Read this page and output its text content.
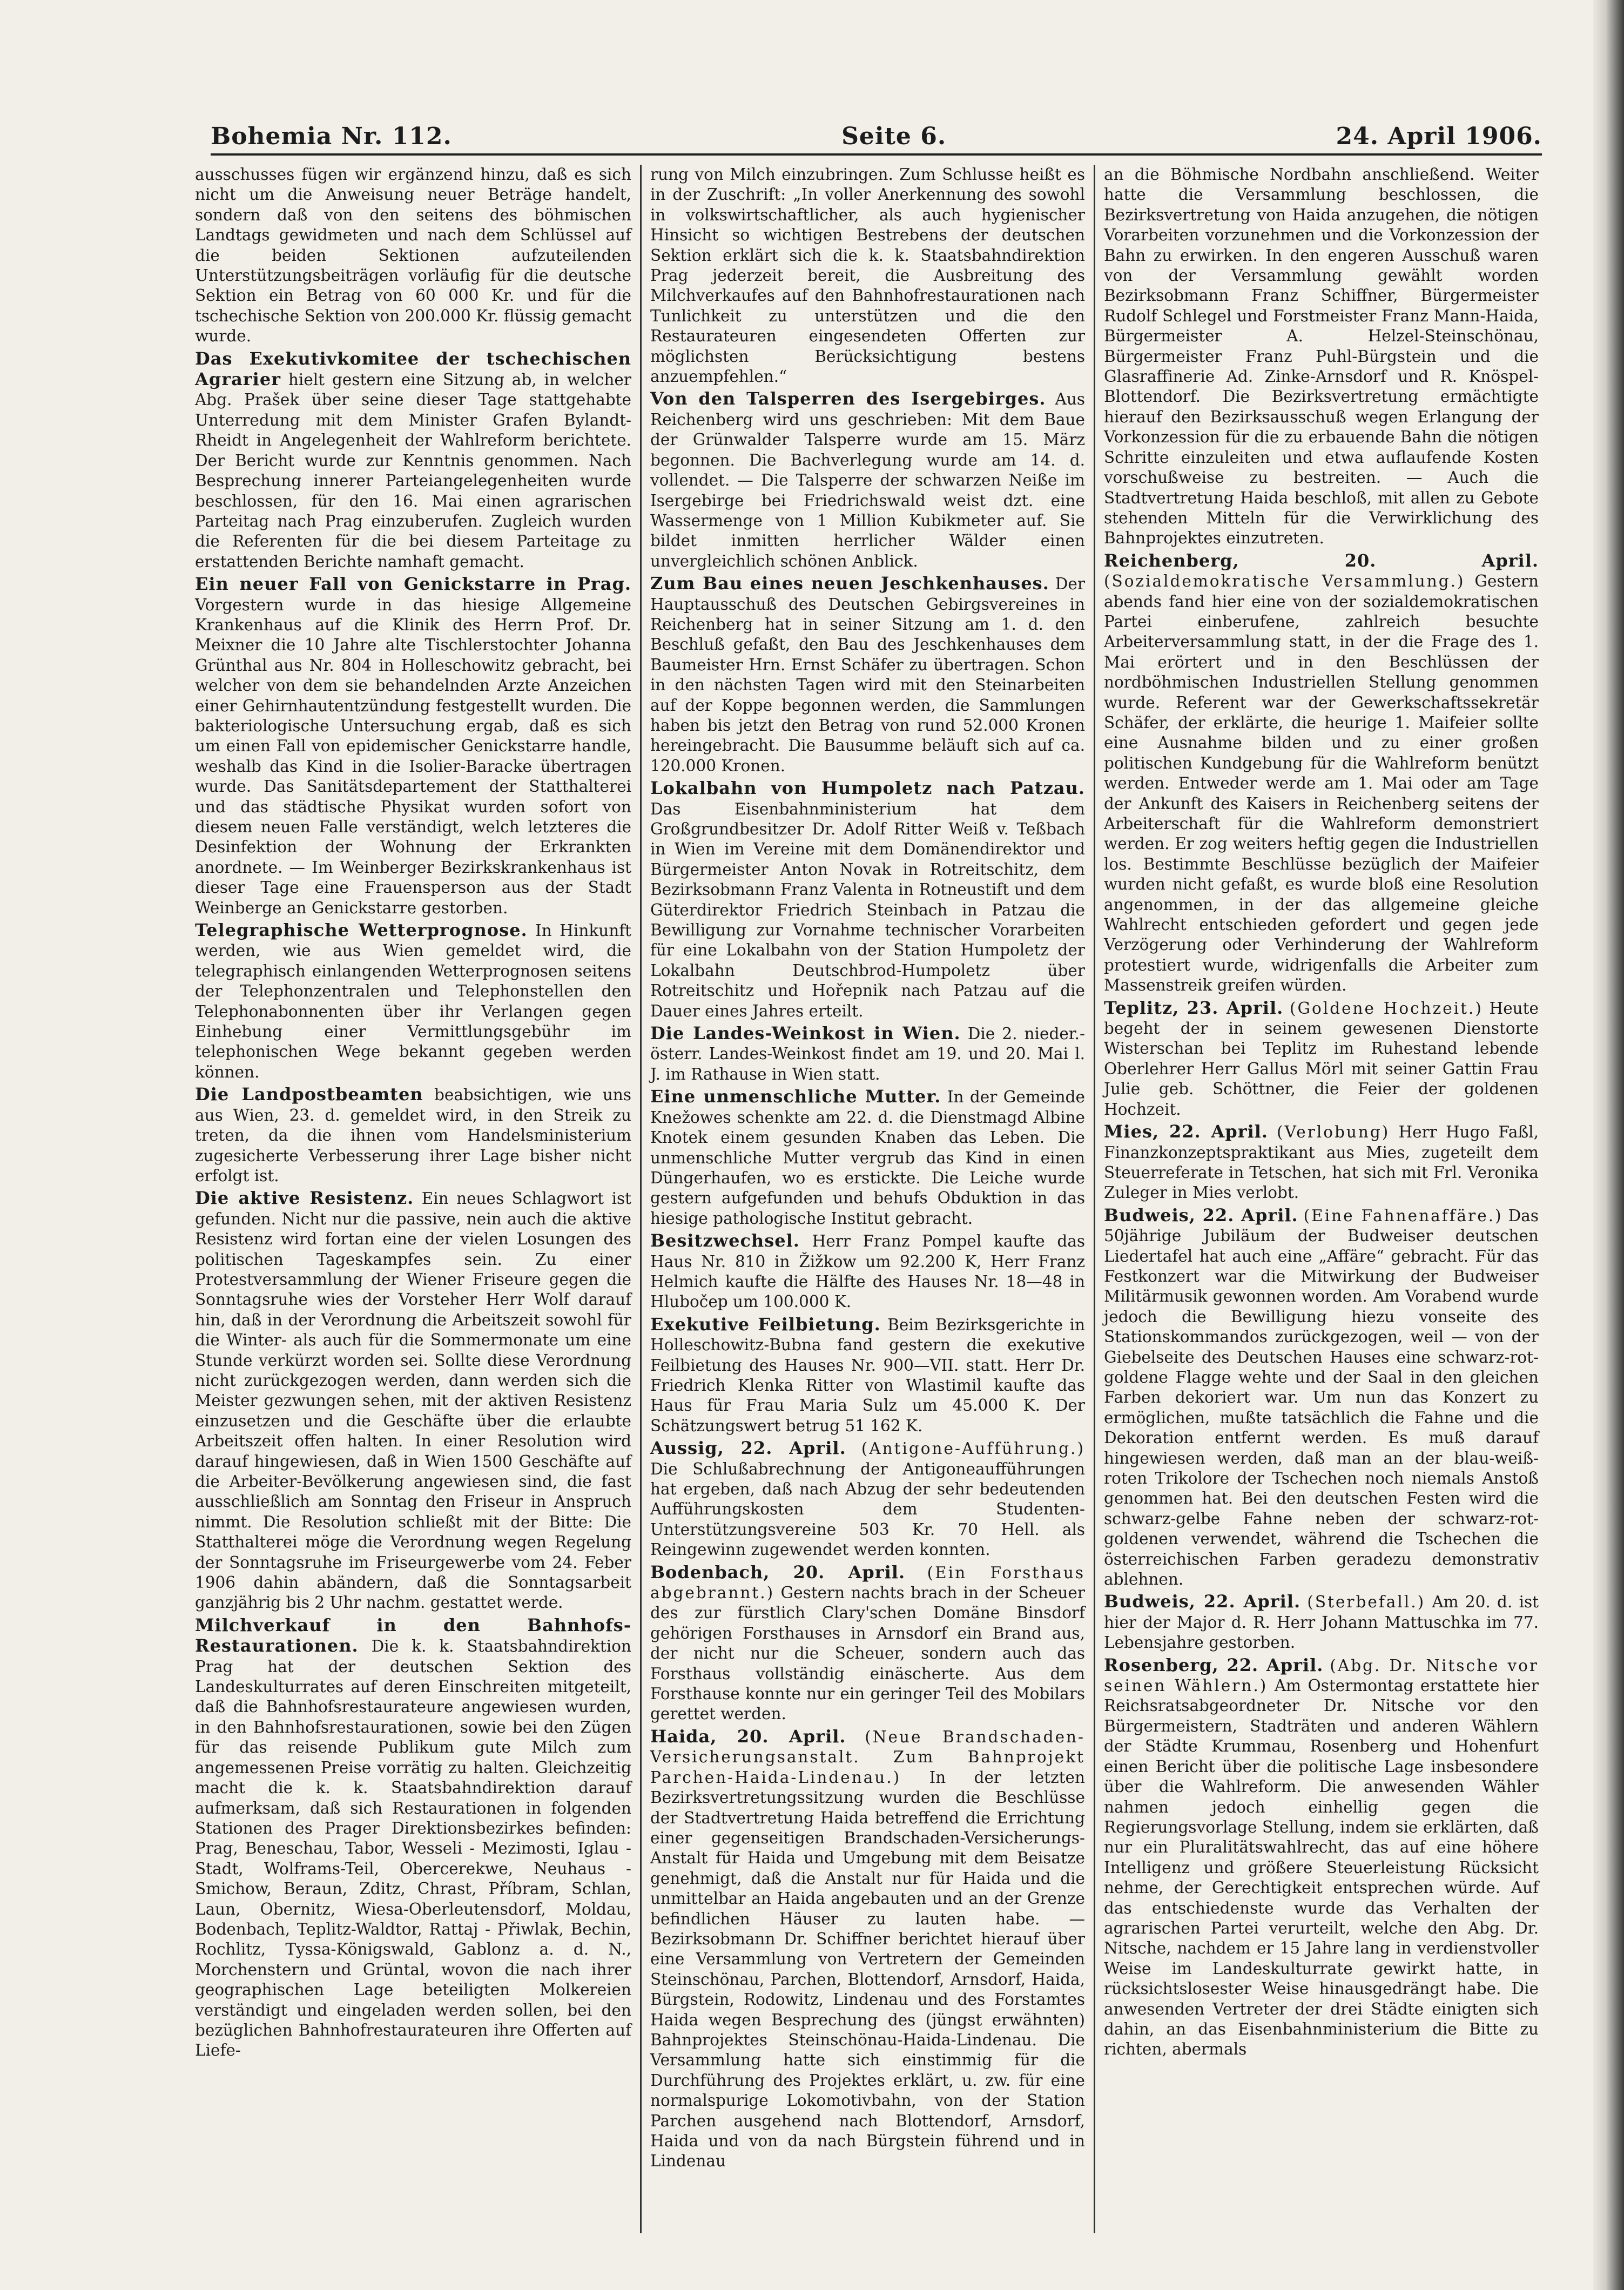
Bohemia Nr. 112.	Seite 6.	24. April 1906.

ausschusses fügen wir ergänzend hinzu, daß es sich nicht um die Anweisung neuer Beträge handelt, sondern daß von den seitens des böhmischen Landtags gewidmeten und nach dem Schlüssel auf die beiden Sektionen aufzuteilenden Unterstützungsbeiträgen vorläufig für die deutsche Sektion ein Betrag von 60 000 Kr. und für die tschechische Sektion von 200.000 Kr. flüssig gemacht wurde.

Das Exekutivkomitee der tschechischen Agrarier hielt gestern eine Sitzung ab, in welcher Abg. Prašek über seine dieser Tage stattgehabte Unterredung mit dem Minister Grafen Bylandt-Rheidt in Angelegenheit der Wahlreform berichtete. Der Bericht wurde zur Kenntnis genommen. Nach Besprechung innerer Parteiangelegenheiten wurde beschlossen, für den 16. Mai einen agrarischen Parteitag nach Prag einzuberufen. Zugleich wurden die Referenten für die bei diesem Parteitage zu erstattenden Berichte namhaft gemacht.

Ein neuer Fall von Genickstarre in Prag. Vorgestern wurde in das hiesige Allgemeine Krankenhaus auf die Klinik des Herrn Prof. Dr. Meixner die 10 Jahre alte Tischlerstochter Johanna Grünthal aus Nr. 804 in Holleschowitz gebracht, bei welcher von dem sie behandelnden Arzte Anzeichen einer Gehirnhautentzündung festgestellt wurden. Die bakteriologische Untersuchung ergab, daß es sich um einen Fall von epidemischer Genickstarre handle, weshalb das Kind in die Isolier-Baracke übertragen wurde. Das Sanitätsdepartement der Statthalterei und das städtische Physikat wurden sofort von diesem neuen Falle verständigt, welch letzteres die Desinfektion der Wohnung der Erkrankten anordnete. — Im Weinberger Bezirkskrankenhaus ist dieser Tage eine Frauensperson aus der Stadt Weinberge an Genickstarre gestorben.

Telegraphische Wetterprognose. In Hinkunft werden, wie aus Wien gemeldet wird, die telegraphisch einlangenden Wetterprognosen seitens der Telephonzentralen und Telephonstellen den Telephonabonnenten über ihr Verlangen gegen Einhebung einer Vermittlungsgebühr im telephonischen Wege bekannt gegeben werden können.

Die Landpostbeamten beabsichtigen, wie uns aus Wien, 23. d. gemeldet wird, in den Streik zu treten, da die ihnen vom Handelsministerium zugesicherte Verbesserung ihrer Lage bisher nicht erfolgt ist.

Die aktive Resistenz. Ein neues Schlagwort ist gefunden. Nicht nur die passive, nein auch die aktive Resistenz wird fortan eine der vielen Losungen des politischen Tageskampfes sein. Zu einer Protestversammlung der Wiener Friseure gegen die Sonntagsruhe wies der Vorsteher Herr Wolf darauf hin, daß in der Verordnung die Arbeitszeit sowohl für die Winter- als auch für die Sommermonate um eine Stunde verkürzt worden sei. Sollte diese Verordnung nicht zurückgezogen werden, dann werden sich die Meister gezwungen sehen, mit der aktiven Resistenz einzusetzen und die Geschäfte über die erlaubte Arbeitszeit offen halten. In einer Resolution wird darauf hingewiesen, daß in Wien 1500 Geschäfte auf die Arbeiter-Bevölkerung angewiesen sind, die fast ausschließlich am Sonntag den Friseur in Anspruch nimmt. Die Resolution schließt mit der Bitte: Die Statthalterei möge die Verordnung wegen Regelung der Sonntagsruhe im Friseurgewerbe vom 24. Feber 1906 dahin abändern, daß die Sonntagsarbeit ganzjährig bis 2 Uhr nachm. gestattet werde.

Milchverkauf in den Bahnhofs-Restaurationen. Die k. k. Staatsbahndirektion Prag hat der deutschen Sektion des Landeskulturrates auf deren Einschreiten mitgeteilt, daß die Bahnhofsrestaurateure angewiesen wurden, in den Bahnhofsrestaurationen, sowie bei den Zügen für das reisende Publikum gute Milch zum angemessenen Preise vorrätig zu halten. Gleichzeitig macht die k. k. Staatsbahndirektion darauf aufmerksam, daß sich Restaurationen in folgenden Stationen des Prager Direktionsbezirkes befinden: Prag, Beneschau, Tabor, Wesseli - Mezimosti, Iglau - Stadt, Wolframs-Teil, Obercerekwe, Neuhaus - Smichow, Beraun, Zditz, Chrast, Příbram, Schlan, Laun, Obernitz, Wiesa-Oberleutensdorf, Moldau, Bodenbach, Teplitz-Waldtor, Rattaj - Přiwlak, Bechin, Rochlitz, Tyssa-Königswald, Gablonz a. d. N., Morchenstern und Grüntal, wovon die nach ihrer geographischen Lage beteiligten Molkereien verständigt und eingeladen werden sollen, bei den bezüglichen Bahnhofrestaurateuren ihre Offerten auf Liefe-

rung von Milch einzubringen. Zum Schlusse heißt es in der Zuschrift: „In voller Anerkennung des sowohl in volkswirtschaftlicher, als auch hygienischer Hinsicht so wichtigen Bestrebens der deutschen Sektion erklärt sich die k. k. Staatsbahndirektion Prag jederzeit bereit, die Ausbreitung des Milchverkaufes auf den Bahnhofrestaurationen nach Tunlichkeit zu unterstützen und die den Restaurateuren eingesendeten Offerten zur möglichsten Berücksichtigung bestens anzuempfehlen.“

Von den Talsperren des Isergebirges. Aus Reichenberg wird uns geschrieben: Mit dem Baue der Grünwalder Talsperre wurde am 15. März begonnen. Die Bachverlegung wurde am 14. d. vollendet. — Die Talsperre der schwarzen Neiße im Isergebirge bei Friedrichswald weist dzt. eine Wassermenge von 1 Million Kubikmeter auf. Sie bildet inmitten herrlicher Wälder einen unvergleichlich schönen Anblick.

Zum Bau eines neuen Jeschkenhauses. Der Hauptausschuß des Deutschen Gebirgsvereines in Reichenberg hat in seiner Sitzung am 1. d. den Beschluß gefaßt, den Bau des Jeschkenhauses dem Baumeister Hrn. Ernst Schäfer zu übertragen. Schon in den nächsten Tagen wird mit den Steinarbeiten auf der Koppe begonnen werden, die Sammlungen haben bis jetzt den Betrag von rund 52.000 Kronen hereingebracht. Die Bausumme beläuft sich auf ca. 120.000 Kronen.

Lokalbahn von Humpoletz nach Patzau. Das Eisenbahnministerium hat dem Großgrundbesitzer Dr. Adolf Ritter Weiß v. Teßbach in Wien im Vereine mit dem Domänendirektor und Bürgermeister Anton Novak in Rotreitschitz, dem Bezirksobmann Franz Valenta in Rotneustift und dem Güterdirektor Friedrich Steinbach in Patzau die Bewilligung zur Vornahme technischer Vorarbeiten für eine Lokalbahn von der Station Humpoletz der Lokalbahn Deutschbrod-Humpoletz über Rotreitschitz und Hořepnik nach Patzau auf die Dauer eines Jahres erteilt.

Die Landes-Weinkost in Wien. Die 2. nieder.-österr. Landes-Weinkost findet am 19. und 20. Mai l. J. im Rathause in Wien statt.

Eine unmenschliche Mutter. In der Gemeinde Knežowes schenkte am 22. d. die Dienstmagd Albine Knotek einem gesunden Knaben das Leben. Die unmenschliche Mutter vergrub das Kind in einen Düngerhaufen, wo es erstickte. Die Leiche wurde gestern aufgefunden und behufs Obduktion in das hiesige pathologische Institut gebracht.

Besitzwechsel. Herr Franz Pompel kaufte das Haus Nr. 810 in Žižkow um 92.200 K, Herr Franz Helmich kaufte die Hälfte des Hauses Nr. 18—48 in Hlubočep um 100.000 K.

Exekutive Feilbietung. Beim Bezirksgerichte in Holleschowitz-Bubna fand gestern die exekutive Feilbietung des Hauses Nr. 900—VII. statt. Herr Dr. Friedrich Klenka Ritter von Wlastimil kaufte das Haus für Frau Maria Sulz um 45.000 K. Der Schätzungswert betrug 51 162 K.

Aussig, 22. April. (Antigone-Aufführung.) Die Schlußabrechnung der Antigoneaufführungen hat ergeben, daß nach Abzug der sehr bedeutenden Aufführungskosten dem Studenten-Unterstützungsvereine 503 Kr. 70 Hell. als Reingewinn zugewendet werden konnten.

Bodenbach, 20. April. (Ein Forsthaus abgebrannt.) Gestern nachts brach in der Scheuer des zur fürstlich Clary'schen Domäne Binsdorf gehörigen Forsthauses in Arnsdorf ein Brand aus, der nicht nur die Scheuer, sondern auch das Forsthaus vollständig einäscherte. Aus dem Forsthause konnte nur ein geringer Teil des Mobilars gerettet werden.

Haida, 20. April. (Neue Brandschaden-Versicherungsanstalt. Zum Bahnprojekt Parchen-Haida-Lindenau.) In der letzten Bezirksvertretungssitzung wurden die Beschlüsse der Stadtvertretung Haida betreffend die Errichtung einer gegenseitigen Brandschaden-Versicherungs-Anstalt für Haida und Umgebung mit dem Beisatze genehmigt, daß die Anstalt nur für Haida und die unmittelbar an Haida angebauten und an der Grenze befindlichen Häuser zu lauten habe. — Bezirksobmann Dr. Schiffner berichtet hierauf über eine Versammlung von Vertretern der Gemeinden Steinschönau, Parchen, Blottendorf, Arnsdorf, Haida, Bürgstein, Rodowitz, Lindenau und des Forstamtes Haida wegen Besprechung des (jüngst erwähnten) Bahnprojektes Steinschönau-Haida-Lindenau. Die Versammlung hatte sich einstimmig für die Durchführung des Projektes erklärt, u. zw. für eine normalspurige Lokomotivbahn, von der Station Parchen ausgehend nach Blottendorf, Arnsdorf, Haida und von da nach Bürgstein führend und in Lindenau

an die Böhmische Nordbahn anschließend. Weiter hatte die Versammlung beschlossen, die Bezirksvertretung von Haida anzugehen, die nötigen Vorarbeiten vorzunehmen und die Vorkonzession der Bahn zu erwirken. In den engeren Ausschuß waren von der Versammlung gewählt worden Bezirksobmann Franz Schiffner, Bürgermeister Rudolf Schlegel und Forstmeister Franz Mann-Haida, Bürgermeister A. Helzel-Steinschönau, Bürgermeister Franz Puhl-Bürgstein und die Glasraffinerie Ad. Zinke-Arnsdorf und R. Knöspel-Blottendorf. Die Bezirksvertretung ermächtigte hierauf den Bezirksausschuß wegen Erlangung der Vorkonzession für die zu erbauende Bahn die nötigen Schritte einzuleiten und etwa auflaufende Kosten vorschußweise zu bestreiten. — Auch die Stadtvertretung Haida beschloß, mit allen zu Gebote stehenden Mitteln für die Verwirklichung des Bahnprojektes einzutreten.

Reichenberg, 20. April. (Sozialdemokratische Versammlung.) Gestern abends fand hier eine von der sozialdemokratischen Partei einberufene, zahlreich besuchte Arbeiterversammlung statt, in der die Frage des 1. Mai erörtert und in den Beschlüssen der nordböhmischen Industriellen Stellung genommen wurde. Referent war der Gewerkschaftssekretär Schäfer, der erklärte, die heurige 1. Maifeier sollte eine Ausnahme bilden und zu einer großen politischen Kundgebung für die Wahlreform benützt werden. Entweder werde am 1. Mai oder am Tage der Ankunft des Kaisers in Reichenberg seitens der Arbeiterschaft für die Wahlreform demonstriert werden. Er zog weiters heftig gegen die Industriellen los. Bestimmte Beschlüsse bezüglich der Maifeier wurden nicht gefaßt, es wurde bloß eine Resolution angenommen, in der das allgemeine gleiche Wahlrecht entschieden gefordert und gegen jede Verzögerung oder Verhinderung der Wahlreform protestiert wurde, widrigenfalls die Arbeiter zum Massenstreik greifen würden.

Teplitz, 23. April. (Goldene Hochzeit.) Heute begeht der in seinem gewesenen Dienstorte Wisterschan bei Teplitz im Ruhestand lebende Oberlehrer Herr Gallus Mörl mit seiner Gattin Frau Julie geb. Schöttner, die Feier der goldenen Hochzeit.

Mies, 22. April. (Verlobung) Herr Hugo Faßl, Finanzkonzeptspraktikant aus Mies, zugeteilt dem Steuerreferate in Tetschen, hat sich mit Frl. Veronika Zuleger in Mies verlobt.

Budweis, 22. April. (Eine Fahnenaffäre.) Das 50jährige Jubiläum der Budweiser deutschen Liedertafel hat auch eine „Affäre“ gebracht. Für das Festkonzert war die Mitwirkung der Budweiser Militärmusik gewonnen worden. Am Vorabend wurde jedoch die Bewilligung hiezu vonseite des Stationskommandos zurückgezogen, weil — von der Giebelseite des Deutschen Hauses eine schwarz-rot-goldene Flagge wehte und der Saal in den gleichen Farben dekoriert war. Um nun das Konzert zu ermöglichen, mußte tatsächlich die Fahne und die Dekoration entfernt werden. Es muß darauf hingewiesen werden, daß man an der blau-weiß-roten Trikolore der Tschechen noch niemals Anstoß genommen hat. Bei den deutschen Festen wird die schwarz-gelbe Fahne neben der schwarz-rot-goldenen verwendet, während die Tschechen die österreichischen Farben geradezu demonstrativ ablehnen.

Budweis, 22. April. (Sterbefall.) Am 20. d. ist hier der Major d. R. Herr Johann Mattuschka im 77. Lebensjahre gestorben.

Rosenberg, 22. April. (Abg. Dr. Nitsche vor seinen Wählern.) Am Ostermontag erstattete hier Reichsratsabgeordneter Dr. Nitsche vor den Bürgermeistern, Stadträten und anderen Wählern der Städte Krummau, Rosenberg und Hohenfurt einen Bericht über die politische Lage insbesondere über die Wahlreform. Die anwesenden Wähler nahmen jedoch einhellig gegen die Regierungsvorlage Stellung, indem sie erklärten, daß nur ein Pluralitätswahlrecht, das auf eine höhere Intelligenz und größere Steuerleistung Rücksicht nehme, der Gerechtigkeit entsprechen würde. Auf das entschiedenste wurde das Verhalten der agrarischen Partei verurteilt, welche den Abg. Dr. Nitsche, nachdem er 15 Jahre lang in verdienstvoller Weise im Landeskulturrate gewirkt hatte, in rücksichtslosester Weise hinausgedrängt habe. Die anwesenden Vertreter der drei Städte einigten sich dahin, an das Eisenbahnministerium die Bitte zu richten, abermals
